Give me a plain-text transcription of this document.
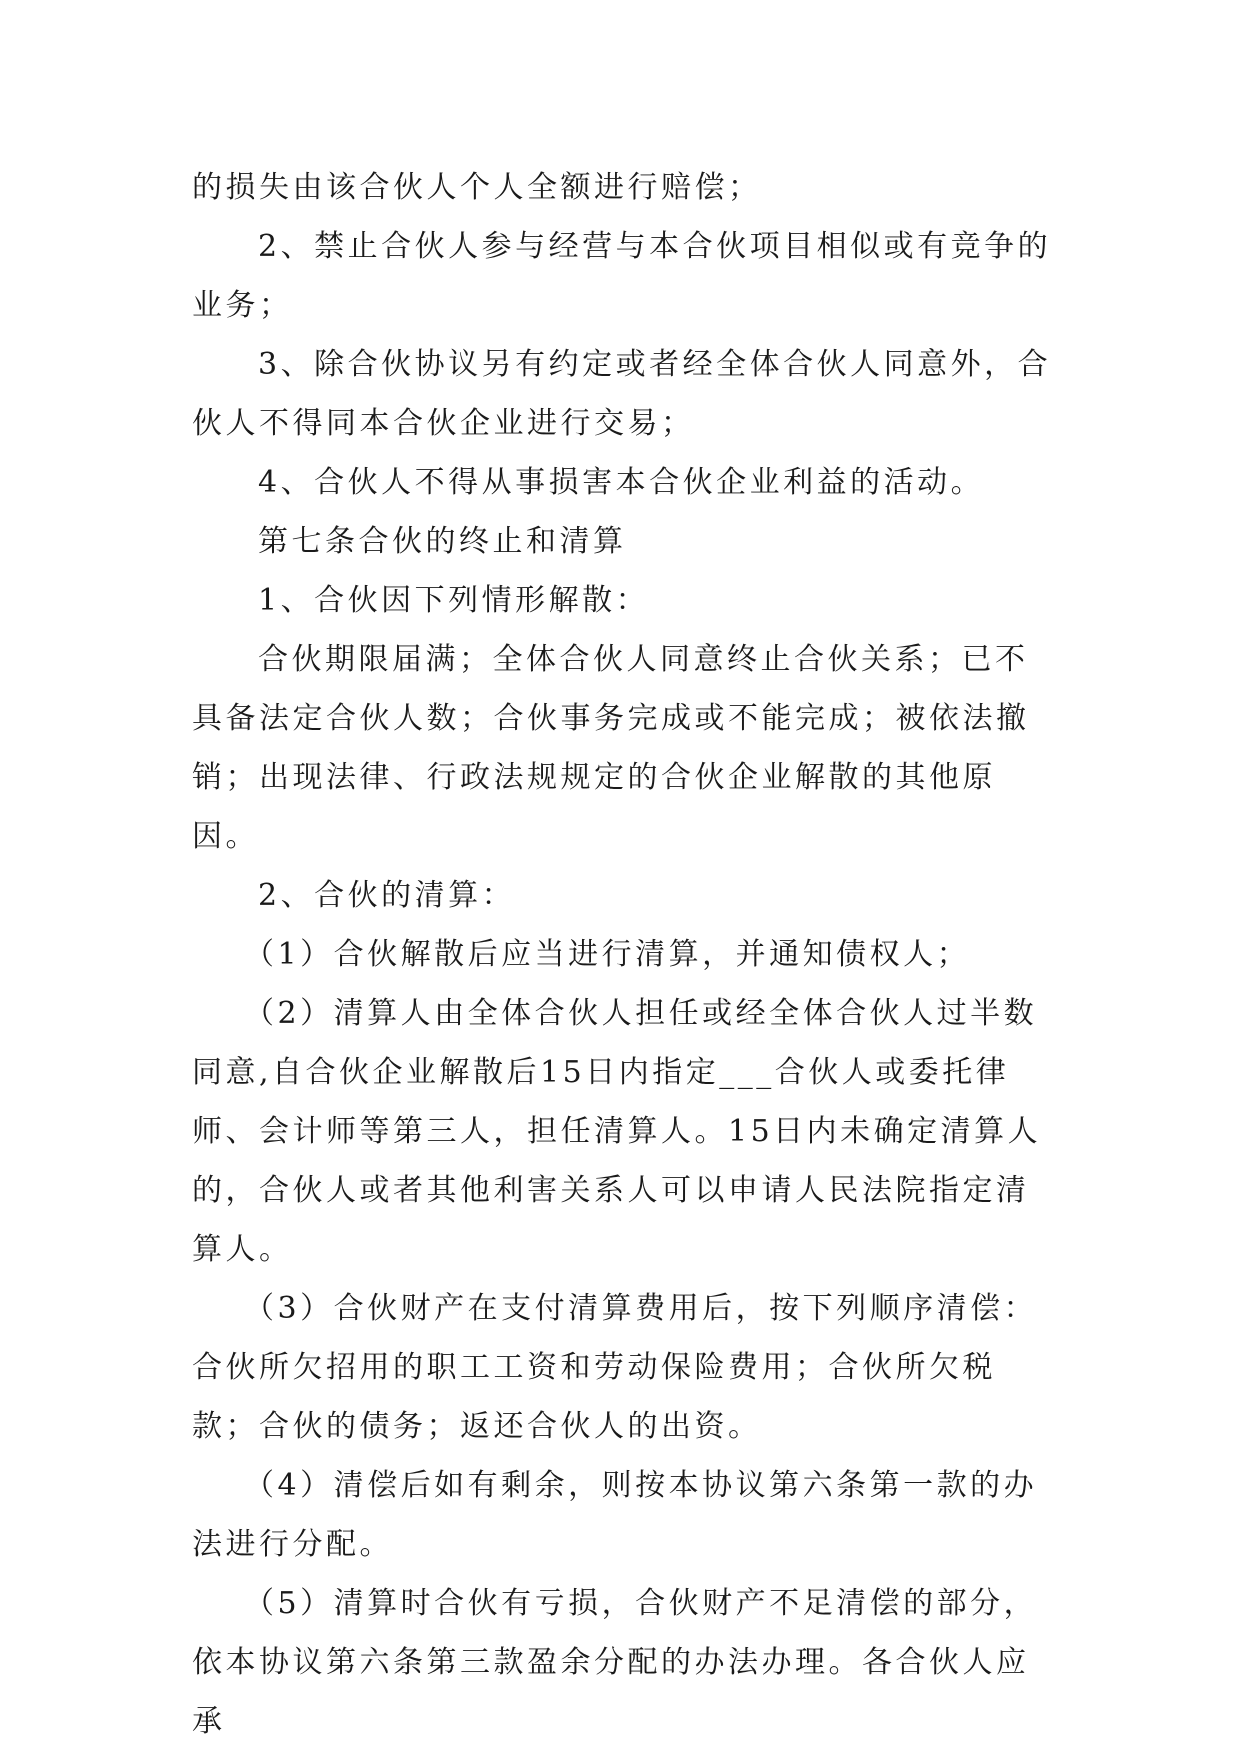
的损失由该合伙人个人全额进行赔偿；

2、禁止合伙人参与经营与本合伙项目相似或有竞争的业务；

3、除合伙协议另有约定或者经全体合伙人同意外，合伙人不得同本合伙企业进行交易；

4、合伙人不得从事损害本合伙企业利益的活动。

第七条合伙的终止和清算

1、合伙因下列情形解散：

合伙期限届满；全体合伙人同意终止合伙关系；已不具备法定合伙人数；合伙事务完成或不能完成；被依法撤销；出现法律、行政法规规定的合伙企业解散的其他原因。

2、合伙的清算：

（1）合伙解散后应当进行清算，并通知债权人；

（2）清算人由全体合伙人担任或经全体合伙人过半数同意,自合伙企业解散后15日内指定___合伙人或委托律师、会计师等第三人，担任清算人。15日内未确定清算人的，合伙人或者其他利害关系人可以申请人民法院指定清算人。

（3）合伙财产在支付清算费用后，按下列顺序清偿：合伙所欠招用的职工工资和劳动保险费用；合伙所欠税款；合伙的债务；返还合伙人的出资。

（4）清偿后如有剩余，则按本协议第六条第一款的办法进行分配。

（5）清算时合伙有亏损，合伙财产不足清偿的部分，依本协议第六条第三款盈余分配的办法办理。各合伙人应承
